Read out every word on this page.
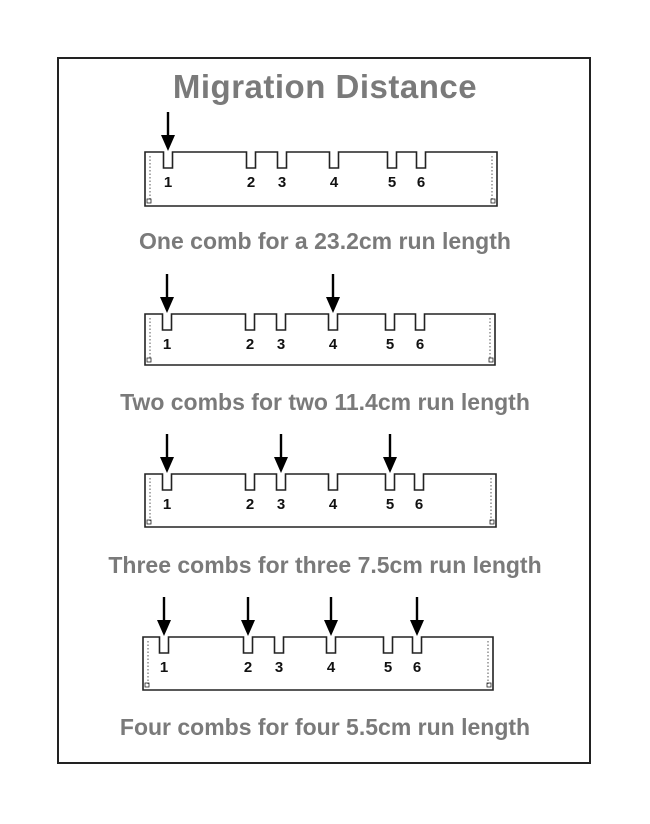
Migration Distance
1	2 3	4	5 6
1	2 3	4	5 6
1	2 3	4	5 6
1	2 3	4	5 6
One comb for a 23.2cm run length
Two combs for two 11.4cm run length
Three combs for three 7.5cm run length
Four combs for four 5.5cm run length
